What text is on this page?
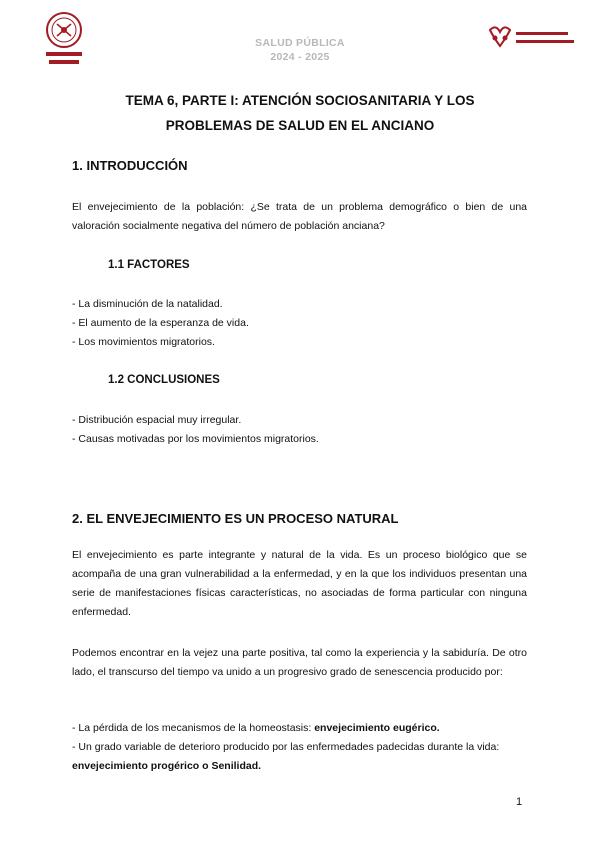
SALUD PÚBLICA
2024 - 2025
TEMA 6, PARTE I: ATENCIÓN SOCIOSANITARIA Y LOS
PROBLEMAS DE SALUD EN EL ANCIANO
1. INTRODUCCIÓN
El envejecimiento de la población: ¿Se trata de un problema demográfico o bien de una valoración socialmente negativa del número de población anciana?
1.1 FACTORES
- La disminución de la natalidad.
- El aumento de la esperanza de vida.
- Los movimientos migratorios.
1.2 CONCLUSIONES
- Distribución espacial muy irregular.
- Causas motivadas por los movimientos migratorios.
2. EL ENVEJECIMIENTO ES UN PROCESO NATURAL
El envejecimiento es parte integrante y natural de la vida. Es un proceso biológico que se acompaña de una gran vulnerabilidad a la enfermedad, y en la que los individuos presentan una serie de manifestaciones físicas características, no asociadas de forma particular con ninguna enfermedad.
Podemos encontrar en la vejez una parte positiva, tal como la experiencia y la sabiduría. De otro lado, el transcurso del tiempo va unido a un progresivo grado de senescencia producido por:
- La pérdida de los mecanismos de la homeostasis: envejecimiento eugérico.
- Un grado variable de deterioro producido por las enfermedades padecidas durante la vida:
envejecimiento progérico o Senilidad.
1
